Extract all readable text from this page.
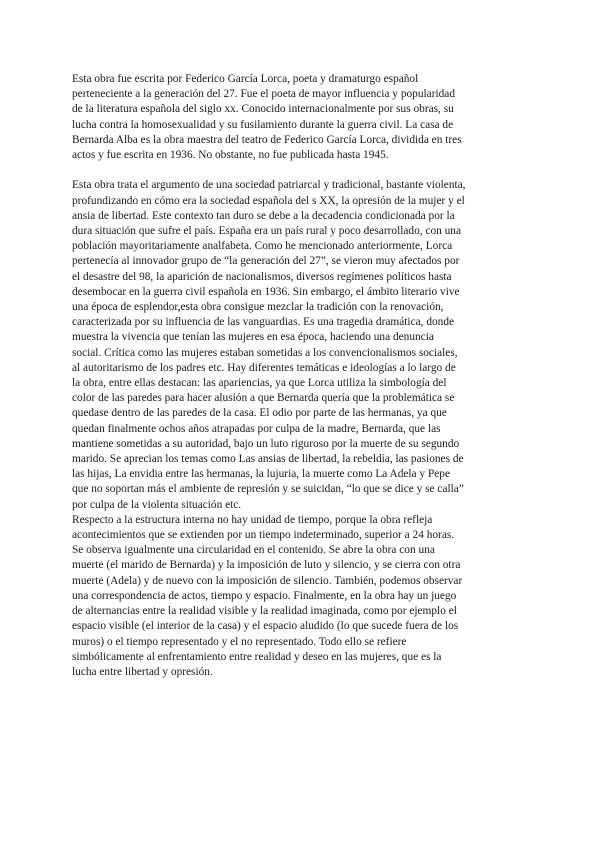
Esta obra fue escrita por Federico García Lorca, poeta y dramaturgo español
perteneciente a la generación del 27. Fue el poeta de mayor influencia y popularidad
de la literatura española del siglo xx. Conocido internacionalmente por sus obras, su
lucha contra la homosexualidad y su fusilamiento durante la guerra civil. La casa de
Bernarda Alba es la obra maestra del teatro de Federico García Lorca, dividida en tres
actos y fue escrita en 1936. No obstante, no fue publicada hasta 1945.
Esta obra trata el argumento de una sociedad patriarcal y tradicional, bastante violenta,
profundizando en cómo era la sociedad española del s XX, la opresión de la mujer y el
ansia de libertad. Este contexto tan duro se debe a la decadencia condicionada por la
dura situación que sufre el país. España era un país rural y poco desarrollado, con una
población mayoritariamente analfabeta. Como he mencionado anteriormente, Lorca
pertenecía al innovador grupo de “la generación del 27”, se vieron muy afectados por
el desastre del 98, la aparición de nacionalismos, diversos regímenes políticos hasta
desembocar en la guerra civil española en 1936. Sin embargo, el ámbito literario vive
una época de esplendor,esta obra consigue mezclar la tradición con la renovación,
caracterizada por su influencia de las vanguardias. Es una tragedia dramática, donde
muestra la vivencia que tenían las mujeres en esa época, haciendo una denuncia
social. Crítica como las mujeres estaban sometidas a los convencionalismos sociales,
al autoritarismo de los padres etc. Hay diferentes temáticas e ideologías a lo largo de
la obra, entre ellas destacan: las apariencias, ya que Lorca utiliza la simbología del
color de las paredes para hacer alusión a que Bernarda quería que la problemática se
quedase dentro de las paredes de la casa. El odio por parte de las hermanas, ya que
quedan finalmente ochos años atrapadas por culpa de la madre, Bernarda, que las
mantiene sometidas a su autoridad, bajo un luto riguroso por la muerte de su segundo
marido. Se aprecian los temas como Las ansias de libertad, la rebeldía, las pasiones de
las hijas, La envidia entre las hermanas, la lujuria, la muerte como La Adela y Pepe
que no soportan más el ambiente de represión y se suicidan, “lo que se dice y se calla”
por culpa de la violenta situación etc.
Respecto a la estructura interna no hay unidad de tiempo, porque la obra refleja
acontecimientos que se extienden por un tiempo indeterminado, superior a 24 horas.
Se observa igualmente una circularidad en el contenido. Se abre la obra con una
muerte (el marido de Bernarda) y la imposición de luto y silencio, y se cierra con otra
muerte (Adela) y de nuevo con la imposición de silencio. También, podemos observar
una correspondencia de actos, tiempo y espacio. Finalmente, en la obra hay un juego
de alternancias entre la realidad visible y la realidad imaginada, como por ejemplo el
espacio visible (el interior de la casa) y el espacio aludido (lo que sucede fuera de los
muros) o el tiempo representado y el no representado. Todo ello se refiere
simbólicamente al enfrentamiento entre realidad y deseo en las mujeres, que es la
lucha entre libertad y opresión.
